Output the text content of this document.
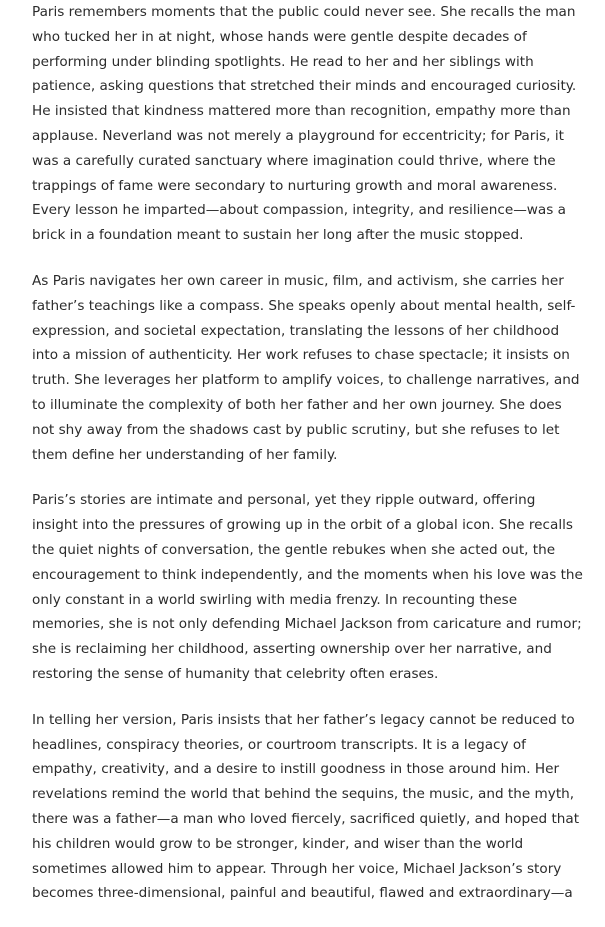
Paris remembers moments that the public could never see. She recalls the man who tucked her in at night, whose hands were gentle despite decades of performing under blinding spotlights. He read to her and her siblings with patience, asking questions that stretched their minds and encouraged curiosity. He insisted that kindness mattered more than recognition, empathy more than applause. Neverland was not merely a playground for eccentricity; for Paris, it was a carefully curated sanctuary where imagination could thrive, where the trappings of fame were secondary to nurturing growth and moral awareness. Every lesson he imparted—about compassion, integrity, and resilience—was a brick in a foundation meant to sustain her long after the music stopped.

As Paris navigates her own career in music, film, and activism, she carries her father’s teachings like a compass. She speaks openly about mental health, self-expression, and societal expectation, translating the lessons of her childhood into a mission of authenticity. Her work refuses to chase spectacle; it insists on truth. She leverages her platform to amplify voices, to challenge narratives, and to illuminate the complexity of both her father and her own journey. She does not shy away from the shadows cast by public scrutiny, but she refuses to let them define her understanding of her family.

Paris’s stories are intimate and personal, yet they ripple outward, offering insight into the pressures of growing up in the orbit of a global icon. She recalls the quiet nights of conversation, the gentle rebukes when she acted out, the encouragement to think independently, and the moments when his love was the only constant in a world swirling with media frenzy. In recounting these memories, she is not only defending Michael Jackson from caricature and rumor; she is reclaiming her childhood, asserting ownership over her narrative, and restoring the sense of humanity that celebrity often erases.

In telling her version, Paris insists that her father’s legacy cannot be reduced to headlines, conspiracy theories, or courtroom transcripts. It is a legacy of empathy, creativity, and a desire to instill goodness in those around him. Her revelations remind the world that behind the sequins, the music, and the myth, there was a father—a man who loved fiercely, sacrificed quietly, and hoped that his children would grow to be stronger, kinder, and wiser than the world sometimes allowed him to appear. Through her voice, Michael Jackson’s story becomes three-dimensional, painful and beautiful, flawed and extraordinary—a
